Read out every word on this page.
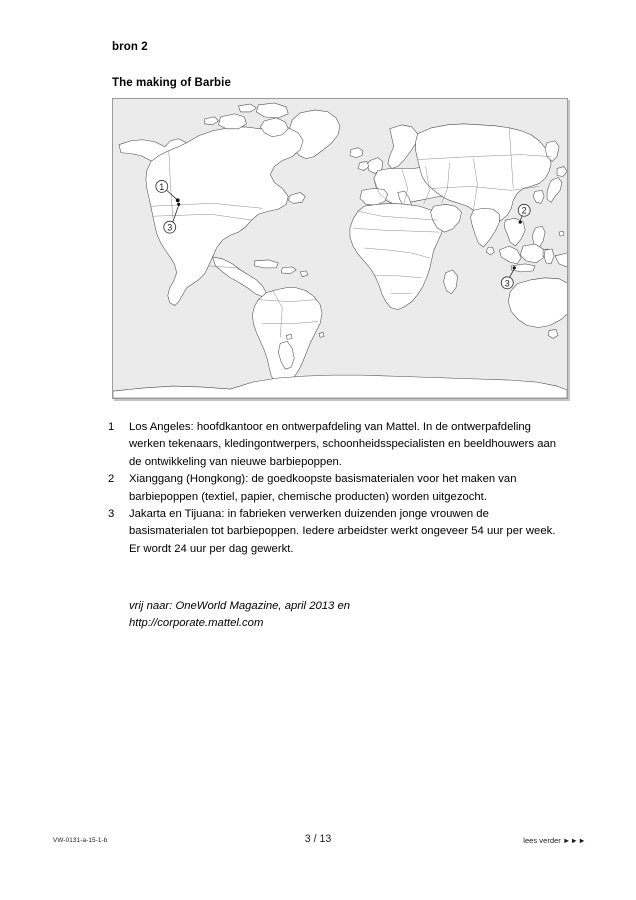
bron 2
The making of Barbie
1
3
2
3
1	Los Angeles: hoofdkantoor en ontwerpafdeling van Mattel. In de ontwerpafdeling werken tekenaars, kledingontwerpers, schoonheidsspecialisten en beeldhouwers aan de ontwikkeling van nieuwe barbiepoppen.
2	Xianggang (Hongkong): de goedkoopste basismaterialen voor het maken van barbiepoppen (textiel, papier, chemische producten) worden uitgezocht.
3	Jakarta en Tijuana: in fabrieken verwerken duizenden jonge vrouwen de basismaterialen tot barbiepoppen. Iedere arbeidster werkt ongeveer 54 uur per week. Er wordt 24 uur per dag gewerkt.
vrij naar: OneWorld Magazine, april 2013 en
http://corporate.mattel.com
VW-0131-a-15-1-b	3 / 13	lees verder ►►►
